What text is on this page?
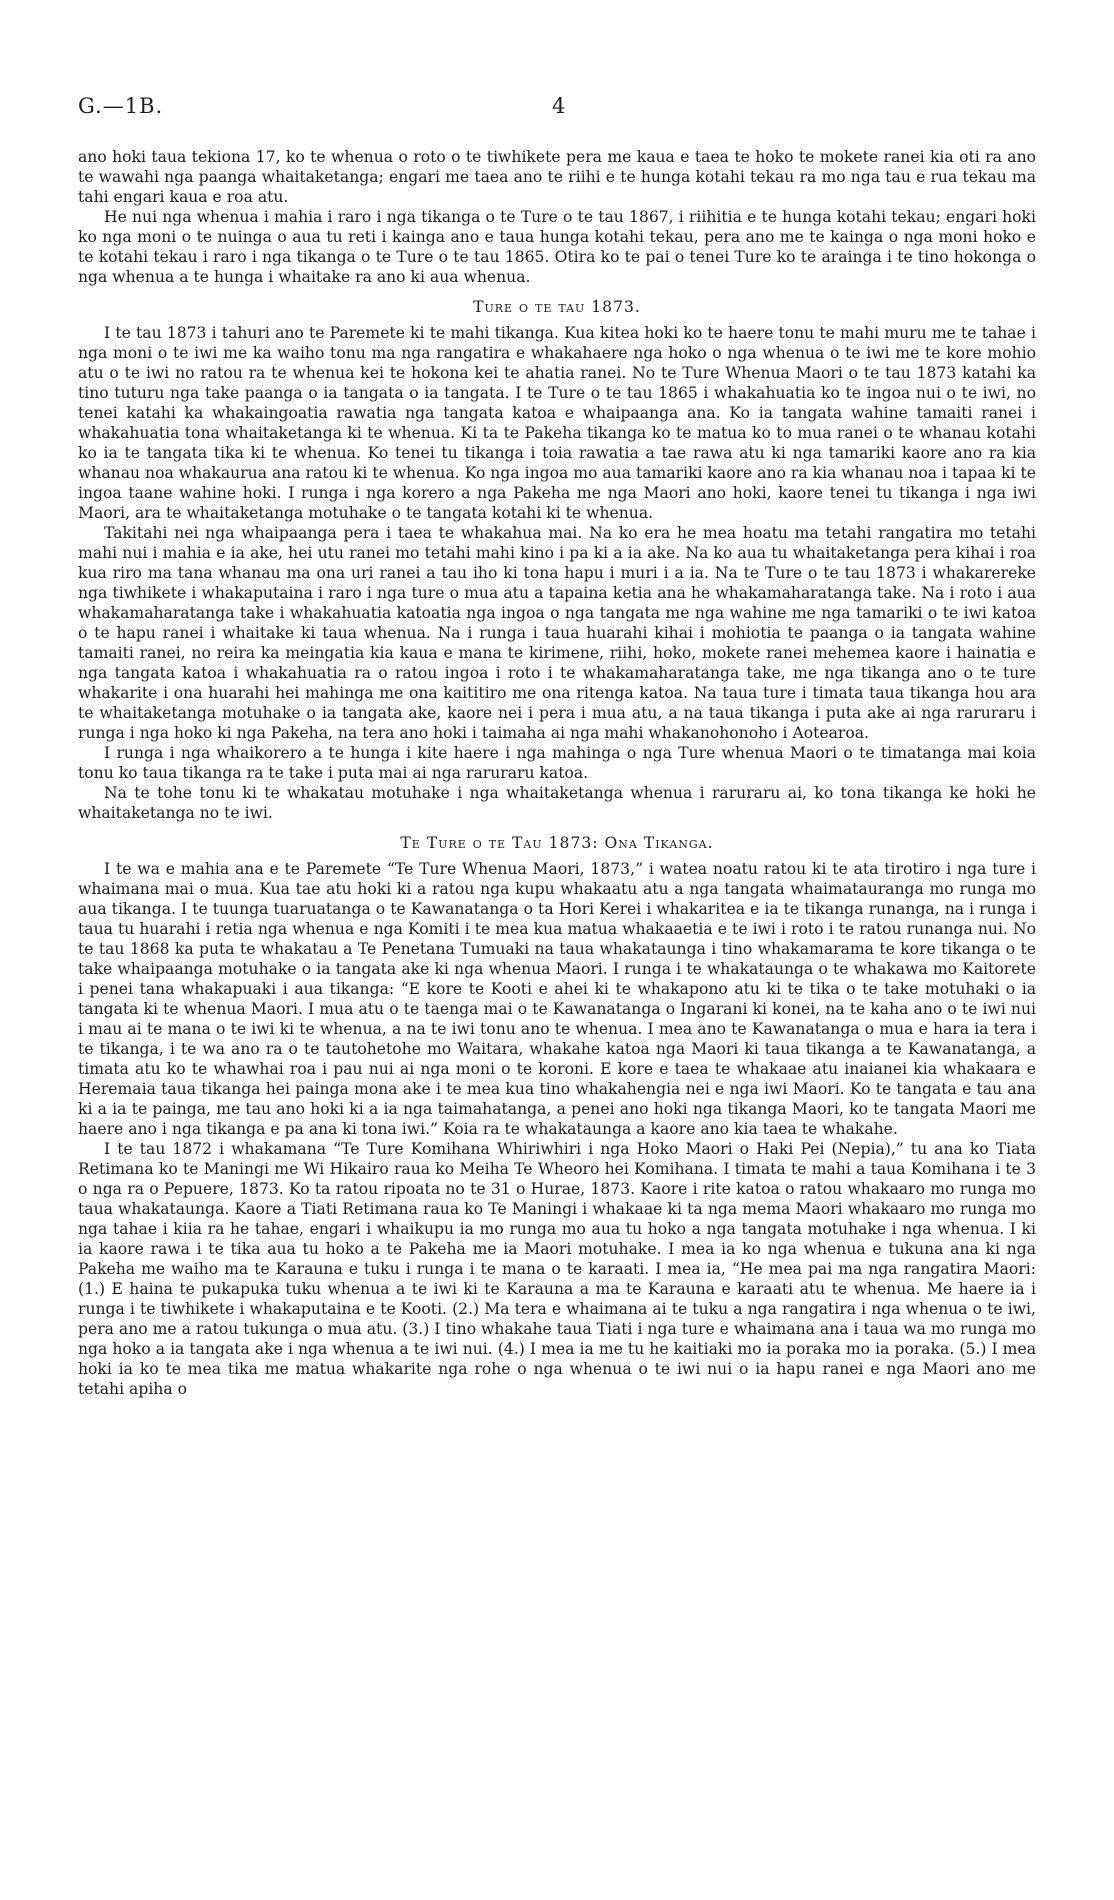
G.—1B.	4

ano hoki taua tekiona 17, ko te whenua o roto o te tiwhikete pera me kaua e taea te hoko te mokete ranei kia oti ra ano te wawahi nga paanga whaitaketanga; engari me taea ano te riihi e te hunga kotahi tekau ra mo nga tau e rua tekau ma tahi engari kaua e roa atu.

He nui nga whenua i mahia i raro i nga tikanga o te Ture o te tau 1867, i riihitia e te hunga kotahi tekau; engari hoki ko nga moni o te nuinga o aua tu reti i kainga ano e taua hunga kotahi tekau, pera ano me te kainga o nga moni hoko e te kotahi tekau i raro i nga tikanga o te Ture o te tau 1865. Otira ko te pai o tenei Ture ko te arainga i te tino hokonga o nga whenua a te hunga i whaitake ra ano ki aua whenua.

Ture o te tau 1873.

I te tau 1873 i tahuri ano te Paremete ki te mahi tikanga. Kua kitea hoki ko te haere tonu te mahi muru me te tahae i nga moni o te iwi me ka waiho tonu ma nga rangatira e whakahaere nga hoko o nga whenua o te iwi me te kore mohio atu o te iwi no ratou ra te whenua kei te hokona kei te ahatia ranei. No te Ture Whenua Maori o te tau 1873 katahi ka tino tuturu nga take paanga o ia tangata o ia tangata. I te Ture o te tau 1865 i whakahuatia ko te ingoa nui o te iwi, no tenei katahi ka whakaingoatia rawatia nga tangata katoa e whaipaanga ana. Ko ia tangata wahine tamaiti ranei i whakahuatia tona whaitaketanga ki te whenua. Ki ta te Pakeha tikanga ko te matua ko to mua ranei o te whanau kotahi ko ia te tangata tika ki te whenua. Ko tenei tu tikanga i toia rawatia a tae rawa atu ki nga tamariki kaore ano ra kia whanau noa whakaurua ana ratou ki te whenua. Ko nga ingoa mo aua tamariki kaore ano ra kia whanau noa i tapaa ki te ingoa taane wahine hoki. I runga i nga korero a nga Pakeha me nga Maori ano hoki, kaore tenei tu tikanga i nga iwi Maori, ara te whaitaketanga motuhake o te tangata kotahi ki te whenua.

Takitahi nei nga whaipaanga pera i taea te whakahua mai. Na ko era he mea hoatu ma tetahi rangatira mo tetahi mahi nui i mahia e ia ake, hei utu ranei mo tetahi mahi kino i pa ki a ia ake. Na ko aua tu whaitaketanga pera kihai i roa kua riro ma tana whanau ma ona uri ranei a tau iho ki tona hapu i muri i a ia. Na te Ture o te tau 1873 i whakarereke nga tiwhikete i whakaputaina i raro i nga ture o mua atu a tapaina ketia ana he whakamaharatanga take. Na i roto i aua whakamaharatanga take i whakahuatia katoatia nga ingoa o nga tangata me nga wahine me nga tamariki o te iwi katoa o te hapu ranei i whaitake ki taua whenua. Na i runga i taua huarahi kihai i mohiotia te paanga o ia tangata wahine tamaiti ranei, no reira ka meingatia kia kaua e mana te kirimene, riihi, hoko, mokete ranei mehemea kaore i hainatia e nga tangata katoa i whakahuatia ra o ratou ingoa i roto i te whakamaharatanga take, me nga tikanga ano o te ture whakarite i ona huarahi hei mahinga me ona kaititiro me ona ritenga katoa. Na taua ture i timata taua tikanga hou ara te whaitaketanga motuhake o ia tangata ake, kaore nei i pera i mua atu, a na taua tikanga i puta ake ai nga raruraru i runga i nga hoko ki nga Pakeha, na tera ano hoki i taimaha ai nga mahi whakanohonoho i Aotearoa.

I runga i nga whaikorero a te hunga i kite haere i nga mahinga o nga Ture whenua Maori o te timatanga mai koia tonu ko taua tikanga ra te take i puta mai ai nga raruraru katoa.

Na te tohe tonu ki te whakatau motuhake i nga whaitaketanga whenua i raruraru ai, ko tona tikanga ke hoki he whaitaketanga no te iwi.

Te Ture o te Tau 1873: Ona Tikanga.

I te wa e mahia ana e te Paremete “Te Ture Whenua Maori, 1873,” i watea noatu ratou ki te ata tirotiro i nga ture i whaimana mai o mua. Kua tae atu hoki ki a ratou nga kupu whakaatu atu a nga tangata whaimatauranga mo runga mo aua tikanga. I te tuunga tuaruatanga o te Kawanatanga o ta Hori Kerei i whakaritea e ia te tikanga runanga, na i runga i taua tu huarahi i retia nga whenua e nga Komiti i te mea kua matua whakaaetia e te iwi i roto i te ratou runanga nui. No te tau 1868 ka puta te whakatau a Te Penetana Tumuaki na taua whakataunga i tino whakamarama te kore tikanga o te take whaipaanga motuhake o ia tangata ake ki nga whenua Maori. I runga i te whakataunga o te whakawa mo Kaitorete i penei tana whakapuaki i aua tikanga: “E kore te Kooti e ahei ki te whakapono atu ki te tika o te take motuhaki o ia tangata ki te whenua Maori. I mua atu o te taenga mai o te Kawanatanga o Ingarani ki konei, na te kaha ano o te iwi nui i mau ai te mana o te iwi ki te whenua, a na te iwi tonu ano te whenua. I mea ano te Kawanatanga o mua e hara ia tera i te tikanga, i te wa ano ra o te tautohetohe mo Waitara, whakahe katoa nga Maori ki taua tikanga a te Kawanatanga, a timata atu ko te whawhai roa i pau nui ai nga moni o te koroni. E kore e taea te whakaae atu inaianei kia whakaara e Heremaia taua tikanga hei painga mona ake i te mea kua tino whakahengia nei e nga iwi Maori. Ko te tangata e tau ana ki a ia te painga, me tau ano hoki ki a ia nga taimahatanga, a penei ano hoki nga tikanga Maori, ko te tangata Maori me haere ano i nga tikanga e pa ana ki tona iwi.” Koia ra te whakataunga a kaore ano kia taea te whakahe.

I te tau 1872 i whakamana “Te Ture Komihana Whiriwhiri i nga Hoko Maori o Haki Pei (Nepia),” tu ana ko Tiata Retimana ko te Maningi me Wi Hikairo raua ko Meiha Te Wheoro hei Komihana. I timata te mahi a taua Komihana i te 3 o nga ra o Pepuere, 1873. Ko ta ratou ripoata no te 31 o Hurae, 1873. Kaore i rite katoa o ratou whakaaro mo runga mo taua whakataunga. Kaore a Tiati Retimana raua ko Te Maningi i whakaae ki ta nga mema Maori whakaaro mo runga mo nga tahae i kiia ra he tahae, engari i whaikupu ia mo runga mo aua tu hoko a nga tangata motuhake i nga whenua. I ki ia kaore rawa i te tika aua tu hoko a te Pakeha me ia Maori motuhake. I mea ia ko nga whenua e tukuna ana ki nga Pakeha me waiho ma te Karauna e tuku i runga i te mana o te karaati. I mea ia, “He mea pai ma nga rangatira Maori: (1.) E haina te pukapuka tuku whenua a te iwi ki te Karauna a ma te Karauna e karaati atu te whenua. Me haere ia i runga i te tiwhikete i whakaputaina e te Kooti. (2.) Ma tera e whaimana ai te tuku a nga rangatira i nga whenua o te iwi, pera ano me a ratou tukunga o mua atu. (3.) I tino whakahe taua Tiati i nga ture e whaimana ana i taua wa mo runga mo nga hoko a ia tangata ake i nga whenua a te iwi nui. (4.) I mea ia me tu he kaitiaki mo ia poraka mo ia poraka. (5.) I mea hoki ia ko te mea tika me matua whakarite nga rohe o nga whenua o te iwi nui o ia hapu ranei e nga Maori ano me tetahi apiha o
